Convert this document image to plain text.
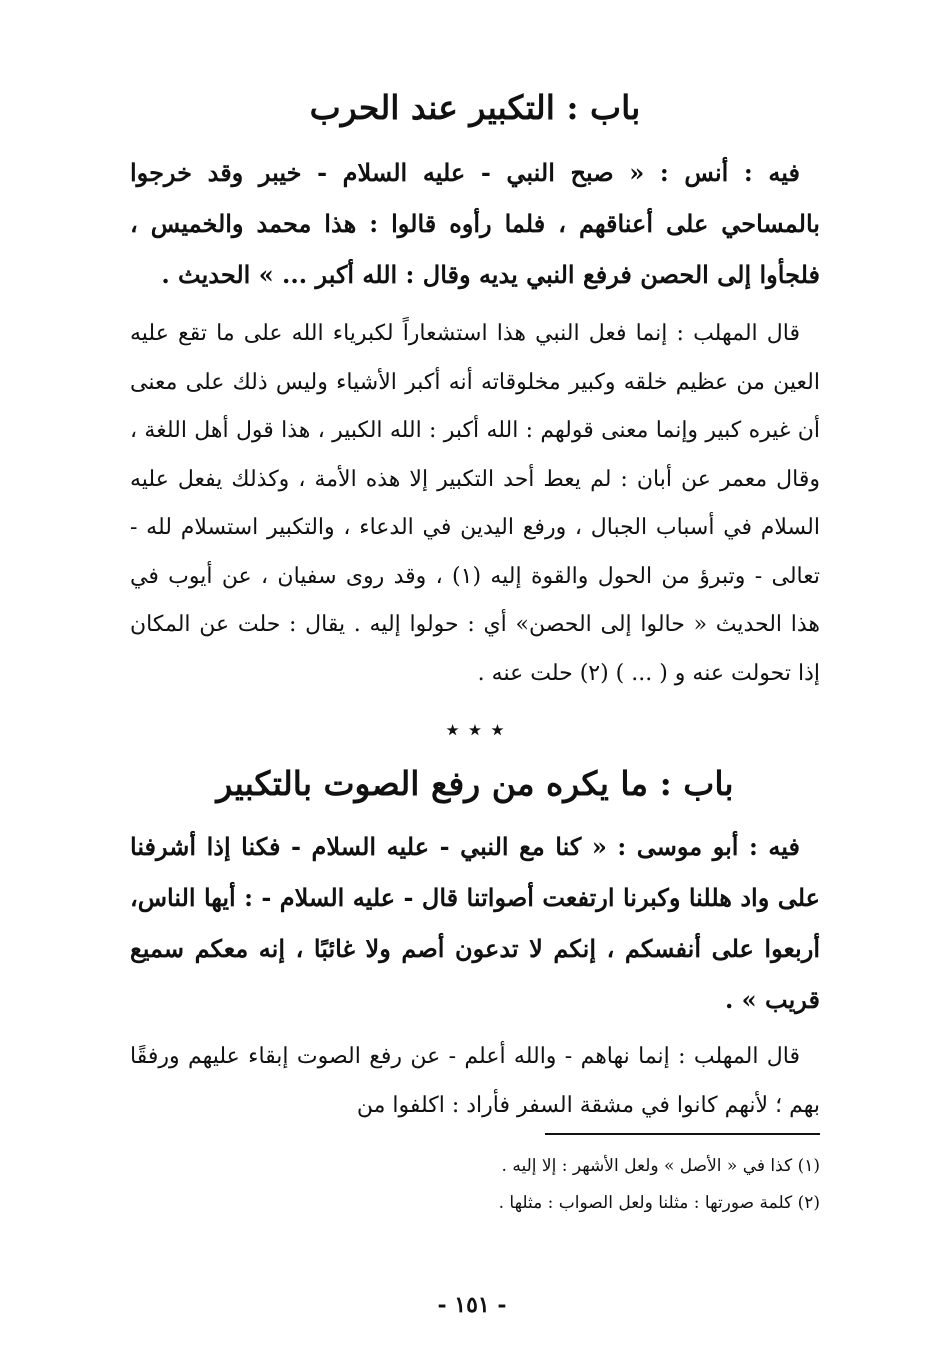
باب : التكبير عند الحرب

فيه : أنس : « صبح النبي - عليه السلام - خيبر وقد خرجوا بالمساحي على أعناقهم ، فلما رأوه قالوا : هذا محمد والخميس ، فلجأوا إلى الحصن فرفع النبي يديه وقال : الله أكبر ... » الحديث .

قال المهلب : إنما فعل النبي هذا استشعاراً لكبرياء الله على ما تقع عليه العين من عظيم خلقه وكبير مخلوقاته أنه أكبر الأشياء وليس ذلك على معنى أن غيره كبير وإنما معنى قولهم : الله أكبر : الله الكبير ، هذا قول أهل اللغة ، وقال معمر عن أبان : لم يعط أحد التكبير إلا هذه الأمة ، وكذلك يفعل عليه السلام في أسباب الجبال ، ورفع اليدين في الدعاء ، والتكبير استسلام لله - تعالى - وتبرؤ من الحول والقوة إليه (١) ، وقد روى سفيان ، عن أيوب في هذا الحديث « حالوا إلى الحصن» أي : حولوا إليه . يقال : حلت عن المكان إذا تحولت عنه و ( ... ) (٢) حلت عنه .

٭ ٭ ٭
باب : ما يكره من رفع الصوت بالتكبير

فيه : أبو موسى : « كنا مع النبي - عليه السلام - فكنا إذا أشرفنا على واد هللنا وكبرنا ارتفعت أصواتنا قال - عليه السلام - : أيها الناس، أربعوا على أنفسكم ، إنكم لا تدعون أصم ولا غائبًا ، إنه معكم سميع قريب » .

قال المهلب : إنما نهاهم - والله أعلم - عن رفع الصوت إبقاء عليهم ورفقًا بهم ؛ لأنهم كانوا في مشقة السفر فأراد : اكلفوا من

(١) كذا في « الأصل » ولعل الأشهر : إلا إليه .
(٢) كلمة صورتها : مثلنا ولعل الصواب : مثلها .
- ١٥١ -
